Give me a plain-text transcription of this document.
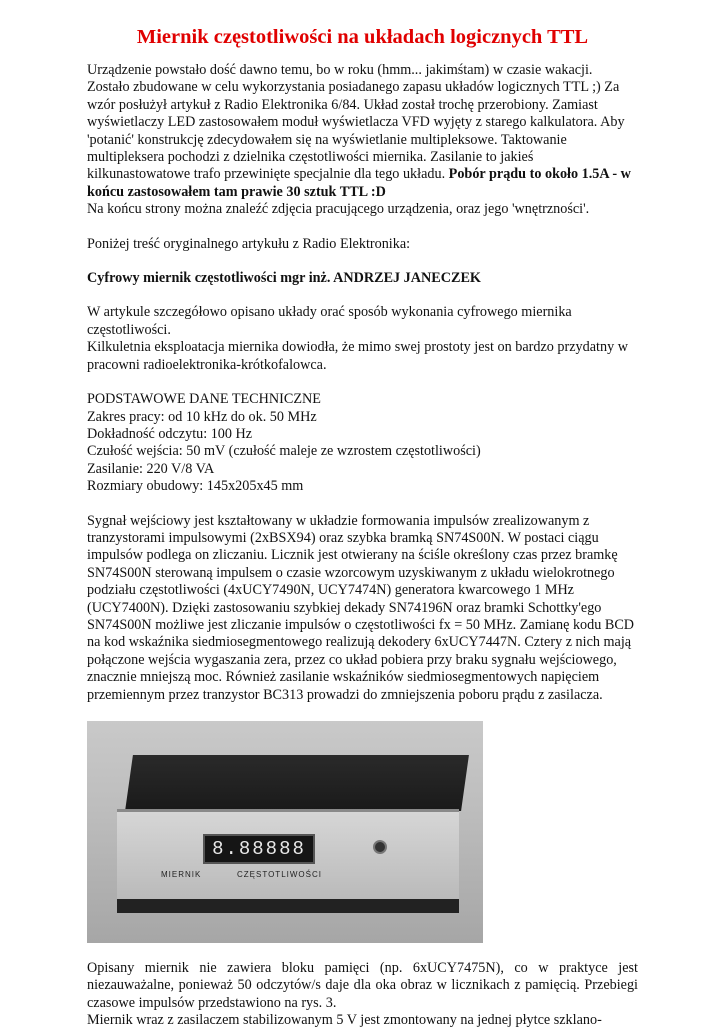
Miernik częstotliwości na układach logicznych TTL

Urządzenie powstało dość dawno temu, bo w roku (hmm... jakimśtam) w czasie wakacji. Zostało zbudowane w celu wykorzystania posiadanego zapasu układów logicznych TTL ;) Za wzór posłużył artykuł z Radio Elektronika 6/84. Układ został trochę przerobiony. Zamiast wyświetlaczy LED zastosowałem moduł wyświetlacza VFD wyjęty z starego kalkulatora. Aby 'potanić' konstrukcję zdecydowałem się na wyświetlanie multipleksowe. Taktowanie multipleksera pochodzi z dzielnika częstotliwości miernika. Zasilanie to jakieś kilkunastowatowe trafo przewinięte specjalnie dla tego układu. Pobór prądu to około 1.5A - w końcu zastosowałem tam prawie 30 sztuk TTL :D
Na końcu strony można znaleźć zdjęcia pracującego urządzenia, oraz jego 'wnętrzności'.

Poniżej treść oryginalnego artykułu z Radio Elektronika:

Cyfrowy miernik częstotliwości mgr inż. ANDRZEJ JANECZEK

W artykule szczegółowo opisano układy orać sposób wykonania cyfrowego miernika częstotliwości.
Kilkuletnia eksploatacja miernika dowiodła, że mimo swej prostoty jest on bardzo przydatny w pracowni radioelektronika-krótkofalowca.

PODSTAWOWE DANE TECHNICZNE
Zakres pracy: od 10 kHz do ok. 50 MHz
Dokładność odczytu: 100 Hz
Czułość wejścia: 50 mV (czułość maleje ze wzrostem częstotliwości)
Zasilanie: 220 V/8 VA
Rozmiary obudowy: 145x205x45 mm

Sygnał wejściowy jest kształtowany w układzie formowania impulsów zrealizowanym z tranzystorami impulsowymi (2xBSX94) oraz szybka bramką SN74S00N. W postaci ciągu impulsów podlega on zliczaniu. Licznik jest otwierany na ściśle określony czas przez bramkę SN74S00N sterowaną impulsem o czasie wzorcowym uzyskiwanym z układu wielokrotnego podziału częstotliwości (4xUCY7490N, UCY7474N) generatora kwarcowego 1 MHz (UCY7400N). Dzięki zastosowaniu szybkiej dekady SN74196N oraz bramki Schottky'ego SN74S00N możliwe jest zliczanie impulsów o częstotliwości fx = 50 MHz. Zamianę kodu BCD na kod wskaźnika siedmiosegmentowego realizują dekodery 6xUCY7447N. Cztery z nich mają połączone wejścia wygaszania zera, przez co układ pobiera przy braku sygnału wejściowego, znacznie mniejszą moc. Również zasilanie wskaźników siedmiosegmentowych napięciem przemiennym przez tranzystor BC313 prowadzi do zmniejszenia poboru prądu z zasilacza.

8.88888
MIERNIK	CZĘSTOTLIWOŚCI

Opisany miernik nie zawiera bloku pamięci (np. 6xUCY7475N), co w praktyce jest niezauważalne, ponieważ 50 odczytów/s daje dla oka obraz w licznikach z pamięcią. Przebiegi czasowe impulsów przedstawiono na rys. 3.
Miernik wraz z zasilaczem stabilizowanym 5 V jest zmontowany na jednej płytce szklano-
